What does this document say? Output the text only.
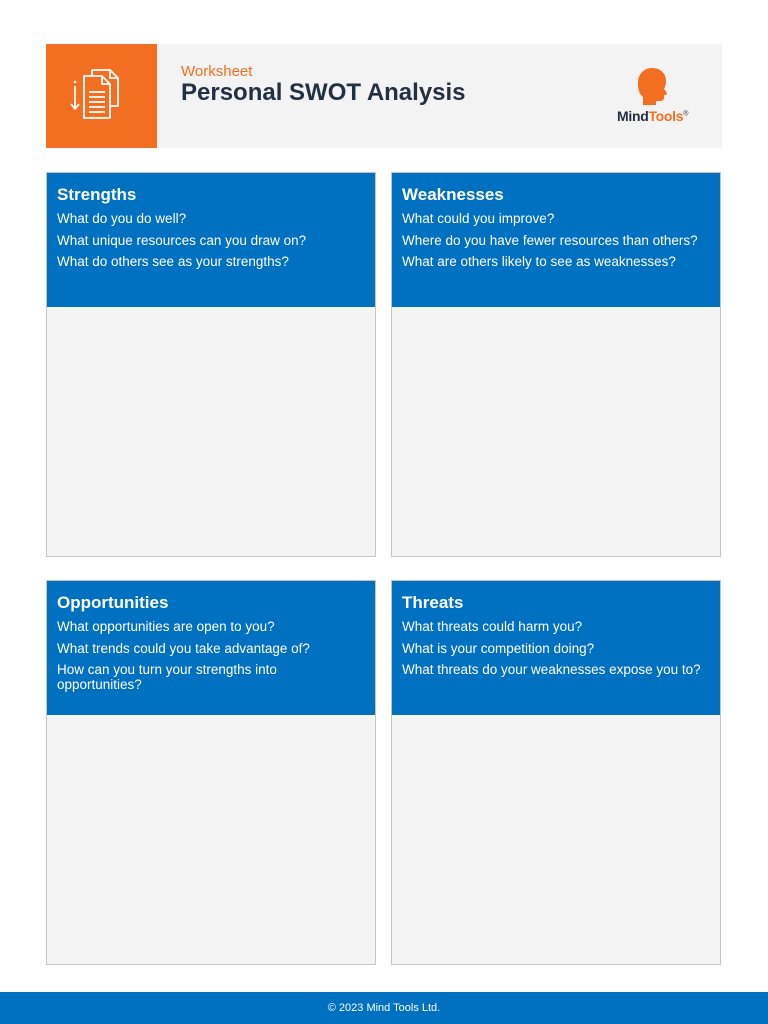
Worksheet
Personal SWOT Analysis
MindTools®
Strengths
What do you do well?
What unique resources can you draw on?
What do others see as your strengths?
Weaknesses
What could you improve?
Where do you have fewer resources than others?
What are others likely to see as weaknesses?
Opportunities
What opportunities are open to you?
What trends could you take advantage of?
How can you turn your strengths into opportunities?
Threats
What threats could harm you?
What is your competition doing?
What threats do your weaknesses expose you to?
© 2023 Mind Tools Ltd.
